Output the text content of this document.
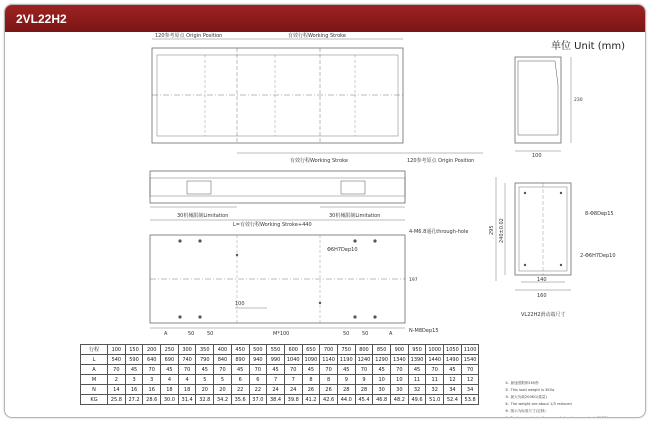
2VL22H2
单位 Unit (mm)
120参考原点 Origin Position	有效行程Working Stroke
有效行程Working Stroke	120参考原点 Origin Position
30机械限制Limitation	30机械限制Limitation
L=有效行程Working Stroke+440
4-M6.8通孔through-hole
Φ6H7Dep10
100
M*100
A	50	50	50	50	A	N-M8Dep15
197
100
230
8-Φ8Dep15
2-Φ6H7Dep10
240±0.02
295
140
160
VL22H2滑动端尺寸
行程	100	150	200	250	300	350	400	450	500	550	600	650	700	750	800	850	900	950	1000	1050	1100
L	540	590	640	690	740	790	840	890	940	990	1040	1090	1140	1190	1240	1290	1340	1390	1440	1490	1540
A	70	45	70	45	70	45	70	45	70	45	70	45	70	45	70	45	70	45	70	45	70
M	2	3	3	4	4	5	5	6	6	7	7	8	8	9	9	10	10	11	11	12	12
N	14	16	16	18	18	20	20	22	22	24	24	26	26	28	28	30	30	32	32	34	34
KG	25.8	27.2	28.6	30.0	31.4	32.8	34.2	35.6	37.0	38.4	39.8	41.2	42.6	44.0	45.4	46.8	48.2	49.6	51.0	52.4	53.8
①. 最速度限制1M/秒
②. This load weight is 5KGs
③. 最大负载200KG(重量)
④. The weight are about 1/3 reduced
⑤. 图示为标准尺寸(定制)
⑥. For longer stroke linear module, please contact HIWIN
